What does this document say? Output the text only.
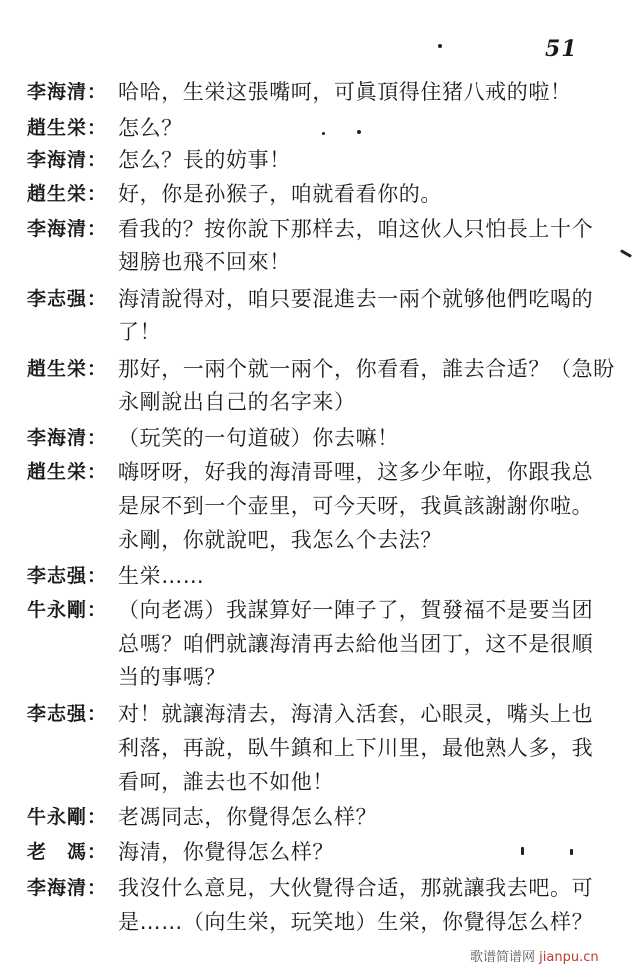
51
李海清： 哈哈，生栄这張嘴呵，可眞頂得住猪八戒的啦！
趙生栄： 怎么？
李海清： 怎么？長的妨事！
趙生栄： 好，你是孙猴子，咱就看看你的。
李海清： 看我的？按你說下那样去，咱这伙人只怕長上十个
翅膀也飛不回來！
李志强： 海清說得对，咱只要混進去一兩个就够他們吃喝的
了！
趙生栄： 那好，一兩个就一兩个，你看看，誰去合适？（急盼
永剛說出自己的名字来）
李海清： （玩笑的一句道破）你去嘛！
趙生栄： 嗨呀呀，好我的海清哥哩，这多少年啦，你跟我总
是尿不到一个壶里，可今天呀，我眞該謝謝你啦。
永剛，你就說吧，我怎么个去法？
李志强： 生栄……
牛永剛： （向老馮）我謀算好一陣子了，賀發福不是要当团
总嗎？咱們就讓海清再去給他当团丁，这不是很順
当的事嗎？
李志强： 对！就讓海清去，海清入活套，心眼灵，嘴头上也
利落，再說，臥牛鎮和上下川里，最他熟人多，我
看呵，誰去也不如他！
牛永剛： 老馮同志，你覺得怎么样？
老　馮： 海清，你覺得怎么样？
李海清： 我沒什么意見，大伙覺得合适，那就讓我去吧。可
是……（向生栄，玩笑地）生栄，你覺得怎么样？
歌谱简谱网 jianpu.cn
